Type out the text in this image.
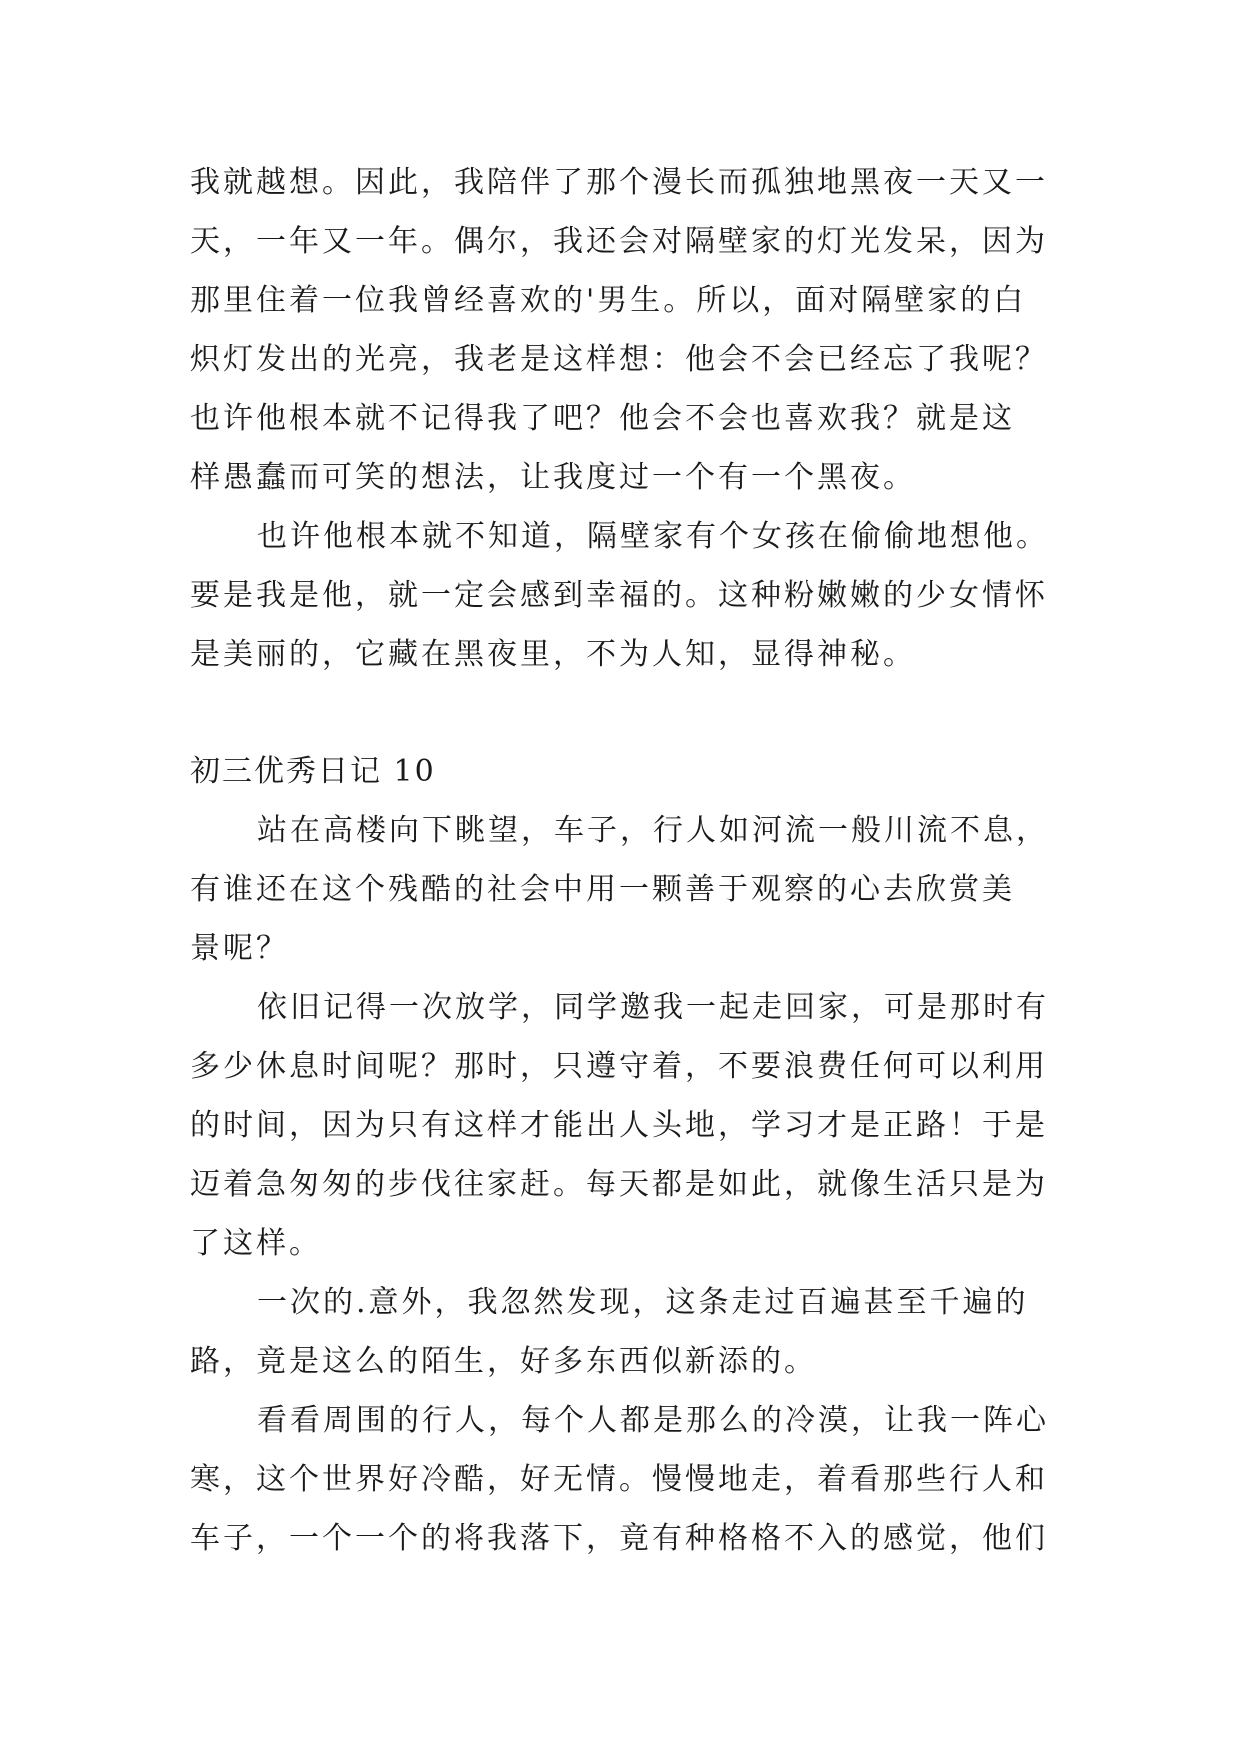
我就越想。因此，我陪伴了那个漫长而孤独地黑夜一天又一
天，一年又一年。偶尔，我还会对隔壁家的灯光发呆，因为
那里住着一位我曾经喜欢的'男生。所以，面对隔壁家的白
炽灯发出的光亮，我老是这样想：他会不会已经忘了我呢？
也许他根本就不记得我了吧？他会不会也喜欢我？就是这
样愚蠢而可笑的想法，让我度过一个有一个黑夜。
也许他根本就不知道，隔壁家有个女孩在偷偷地想他。
要是我是他，就一定会感到幸福的。这种粉嫩嫩的少女情怀
是美丽的，它藏在黑夜里，不为人知，显得神秘。
初三优秀日记 10
站在高楼向下眺望，车子，行人如河流一般川流不息，
有谁还在这个残酷的社会中用一颗善于观察的心去欣赏美
景呢？
依旧记得一次放学，同学邀我一起走回家，可是那时有
多少休息时间呢？那时，只遵守着，不要浪费任何可以利用
的时间，因为只有这样才能出人头地，学习才是正路！于是
迈着急匆匆的步伐往家赶。每天都是如此，就像生活只是为
了这样。
一次的.意外，我忽然发现，这条走过百遍甚至千遍的
路，竟是这么的陌生，好多东西似新添的。
看看周围的行人，每个人都是那么的冷漠，让我一阵心
寒，这个世界好冷酷，好无情。慢慢地走，着看那些行人和
车子，一个一个的将我落下，竟有种格格不入的感觉，他们
